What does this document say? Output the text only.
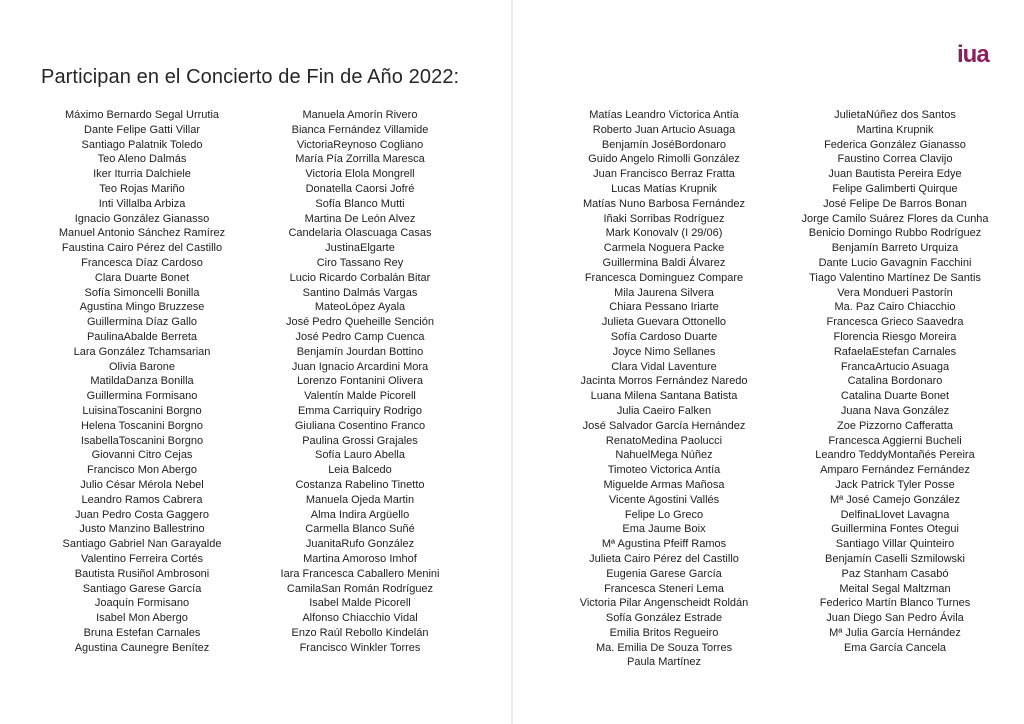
Participan en el Concierto de Fin de Año 2022:
Máximo Bernardo Segal Urrutia
Dante Felipe Gatti Villar
Santiago Palatnik Toledo
Teo Aleno Dalmás
Iker Iturria Dalchiele
Teo Rojas Mariño
Inti Villalba Arbiza
Ignacio González Gianasso
Manuel Antonio Sánchez Ramírez
Faustina Cairo Pérez del Castillo
Francesca Díaz Cardoso
Clara Duarte Bonet
Sofía Simoncelli Bonilla
Agustina Mingo Bruzzese
Guillermina Díaz Gallo
PaulinaAbalde Berreta
Lara González Tchamsarian
Olivia Barone
MatildaDanza Bonilla
Guillermina Formisano
LuisinaToscanini Borgno
Helena Toscanini Borgno
IsabellaToscanini Borgno
Giovanni Citro Cejas
Francisco Mon Abergo
Julio César Mérola Nebel
Leandro Ramos Cabrera
Juan Pedro Costa Gaggero
Justo Manzino Ballestrino
Santiago Gabriel Nan Garayalde
Valentino Ferreira Cortés
Bautista Rusiñol Ambrosoni
Santiago Garese García
Joaquín Formisano
Isabel Mon Abergo
Bruna Estefan Carnales
Agustina Caunegre Benítez
Manuela Amorín Rivero
Bianca Fernández Villamide
VictoriaReynoso Cogliano
María Pía Zorrilla Maresca
Victoria Elola Mongrell
Donatella Caorsi Jofré
Sofía Blanco Mutti
Martina De León Alvez
Candelaria Olascuaga Casas
JustinaElgarte
Ciro Tassano Rey
Lucio Ricardo Corbalán Bitar
Santino Dalmás Vargas
MateoLópez Ayala
José Pedro Queheille Sención
José Pedro Camp Cuenca
Benjamín Jourdan Bottino
Juan Ignacio Arcardini Mora
Lorenzo Fontanini Olivera
Valentín Malde Picorell
Emma Carriquiry Rodrigo
Giuliana Cosentino Franco
Paulina Grossi Grajales
Sofía Lauro Abella
Leia Balcedo
Costanza Rabelino Tinetto
Manuela Ojeda Martin
Alma Indira Argüello
Carmella Blanco Suñé
JuanitaRufo González
Martina Amoroso Imhof
Iara Francesca Caballero Menini
CamilaSan Román Rodríguez
Isabel Malde Picorell
Alfonso Chiacchio Vidal
Enzo Raúl Rebollo Kindelán
Francisco Winkler Torres
iua
Matías Leandro Victorica Antía
Roberto Juan Artucio Asuaga
Benjamín JoséBordonaro
Guido Angelo Rimolli González
Juan Francisco Berraz Fratta
Lucas Matías Krupnik
Matías Nuno Barbosa Fernández
Iñaki Sorribas Rodríguez
Mark Konovalv (I 29/06)
Carmela Noguera Packe
Guillermina Baldi Álvarez
Francesca Dominguez Compare
Mila Jaurena Silvera
Chiara Pessano Iriarte
Julieta Guevara Ottonello
Sofía Cardoso Duarte
Joyce Nimo Sellanes
Clara Vidal Laventure
Jacinta Morros Fernández Naredo
Luana Milena Santana Batista
Julia Caeiro Falken
José Salvador García Hernández
RenatoMedina Paolucci
NahuelMega Núñez
Timoteo Victorica Antía
Miguelde Armas Mañosa
Vicente Agostini Vallés
Felipe Lo Greco
Ema Jaume Boix
Mª Agustina Pfeiff Ramos
Julieta Cairo Pérez del Castillo
Eugenia Garese García
Francesca Steneri Lema
Victoria Pilar Angenscheidt Roldán
Sofía González Estrade
Emilia Britos Regueiro
Ma. Emilia De Souza Torres
Paula Martínez
JulietaNúñez dos Santos
Martina Krupnik
Federica González Gianasso
Faustino Correa Clavijo
Juan Bautista Pereira Edye
Felipe Galimberti Quirque
José Felipe De Barros Bonan
Jorge Camilo Suárez Flores da Cunha
Benicio Domingo Rubbo Rodríguez
Benjamín Barreto Urquiza
Dante Lucio Gavagnin Facchini
Tiago Valentino Martínez De Santis
Vera Mondueri Pastorín
Ma. Paz Cairo Chiacchio
Francesca Grieco Saavedra
Florencia Riesgo Moreira
RafaelaEstefan Carnales
FrancaArtucio Asuaga
Catalina Bordonaro
Catalina Duarte Bonet
Juana Nava González
Zoe Pizzorno Cafferatta
Francesca Aggierni Bucheli
Leandro TeddyMontañés Pereira
Amparo Fernández Fernández
Jack Patrick Tyler Posse
Mª José Camejo González
DelfinaLlovet Lavagna
Guillermina Fontes Otegui
Santiago Villar Quinteiro
Benjamín Caselli Szmilowski
Paz Stanham Casabó
Meital Segal Maltzman
Federico Martín Blanco Turnes
Juan Diego San Pedro Ávila
Mª Julia García Hernández
Ema García Cancela
